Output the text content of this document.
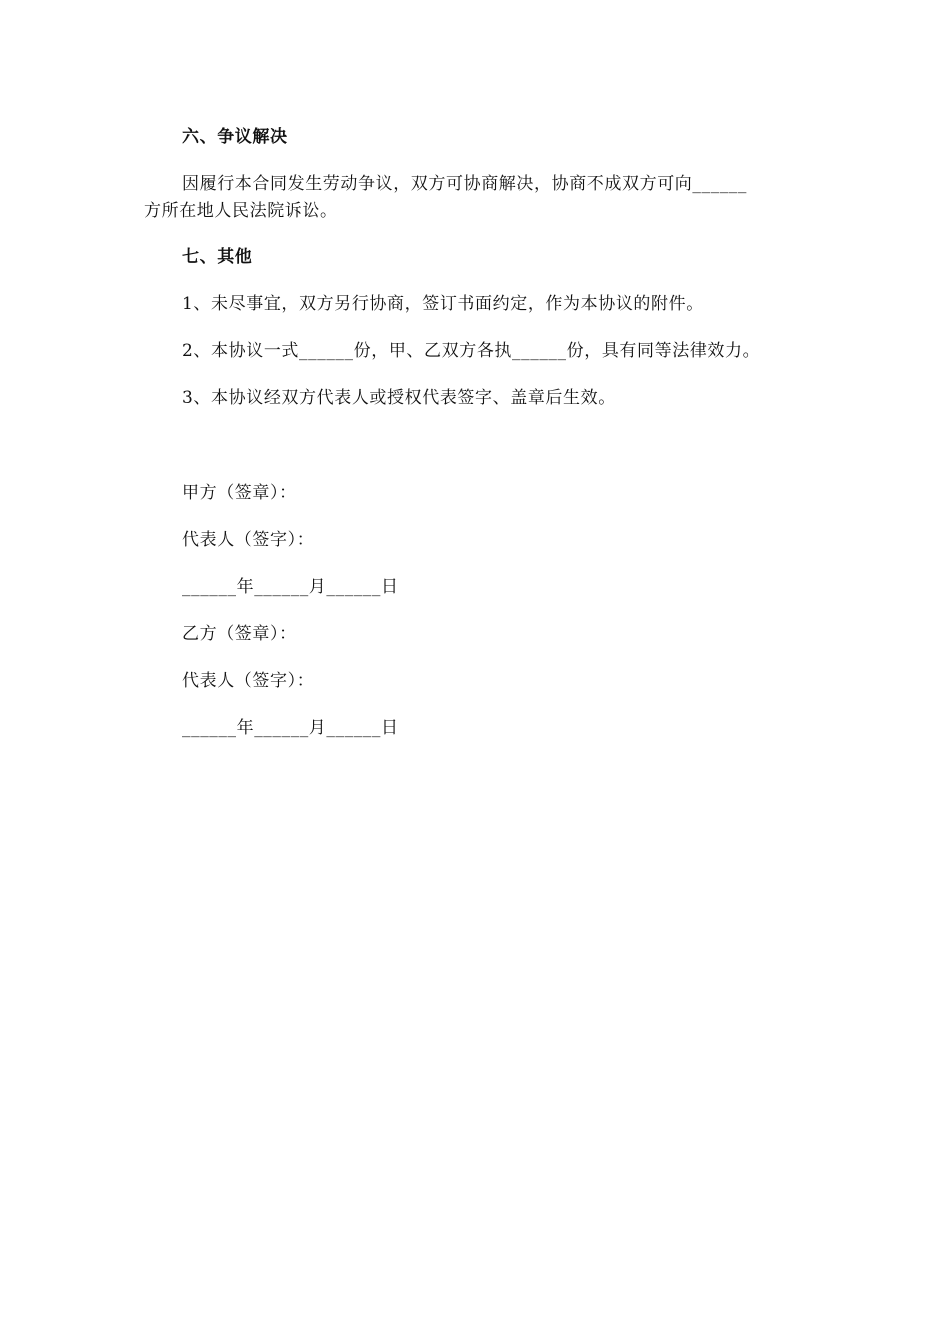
六、争议解决
因履行本合同发生劳动争议，双方可协商解决，协商不成双方可向______
方所在地人民法院诉讼。
七、其他
1、未尽事宜，双方另行协商，签订书面约定，作为本协议的附件。
2、本协议一式______份，甲、乙双方各执______份，具有同等法律效力。
3、本协议经双方代表人或授权代表签字、盖章后生效。
甲方（签章）：
代表人（签字）：
______年______月______日
乙方（签章）：
代表人（签字）：
______年______月______日
